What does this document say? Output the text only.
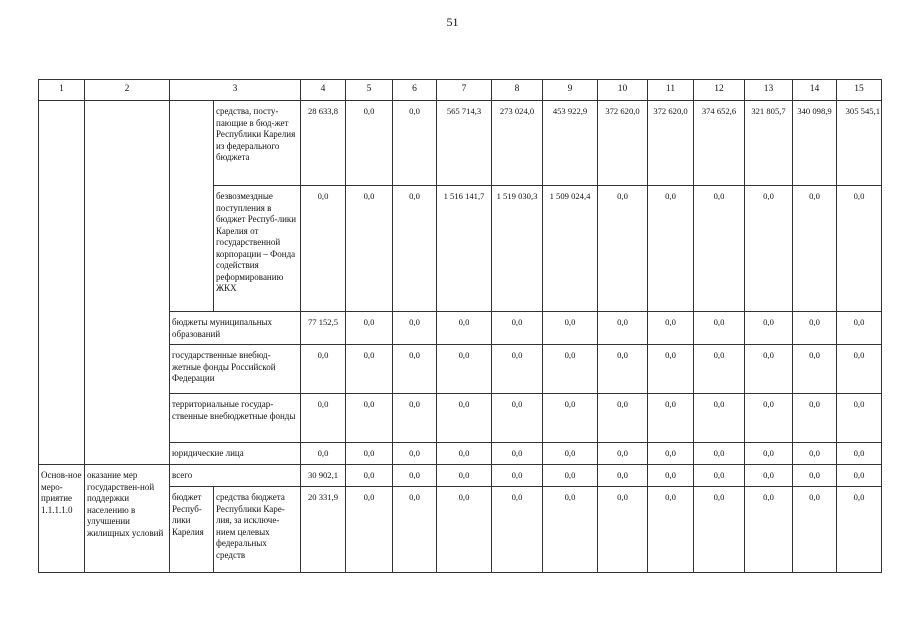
51
1	2	3		4	5	6	7	8	9	10	11	12	13	14	15
			средства, посту-пающие в бюд-жет Республики Карелия из федерального бюджета	28 633,8	0,0	0,0	565 714,3	273 024,0	453 922,9	372 620,0	372 620,0	374 652,6	321 805,7	340 098,9	305 545,1
			безвозмездные поступления в бюджет Респуб-лики Карелия от государственной корпорации – Фонда содействия реформированию ЖКХ	0,0	0,0	0,0	1 516 141,7	1 519 030,3	1 509 024,4	0,0	0,0	0,0	0,0	0,0	0,0
		бюджеты муниципальных образований		77 152,5	0,0	0,0	0,0	0,0	0,0	0,0	0,0	0,0	0,0	0,0	0,0
		государственные внебюд-жетные фонды Российской Федерации		0,0	0,0	0,0	0,0	0,0	0,0	0,0	0,0	0,0	0,0	0,0	0,0
		территориальные государ-ственные внебюджетные фонды		0,0	0,0	0,0	0,0	0,0	0,0	0,0	0,0	0,0	0,0	0,0	0,0
		юридические лица		0,0	0,0	0,0	0,0	0,0	0,0	0,0	0,0	0,0	0,0	0,0	0,0
Основ-ное меро-приятие 1.1.1.1.0	оказание мер государствен-ной поддержки населению в улучшении жилищных условий	всего		30 902,1	0,0	0,0	0,0	0,0	0,0	0,0	0,0	0,0	0,0	0,0	0,0
		бюджет Респуб-лики Карелия	средства бюджета Республики Каре-лия, за исключе-нием целевых федеральных средств	20 331,9	0,0	0,0	0,0	0,0	0,0	0,0	0,0	0,0	0,0	0,0	0,0
